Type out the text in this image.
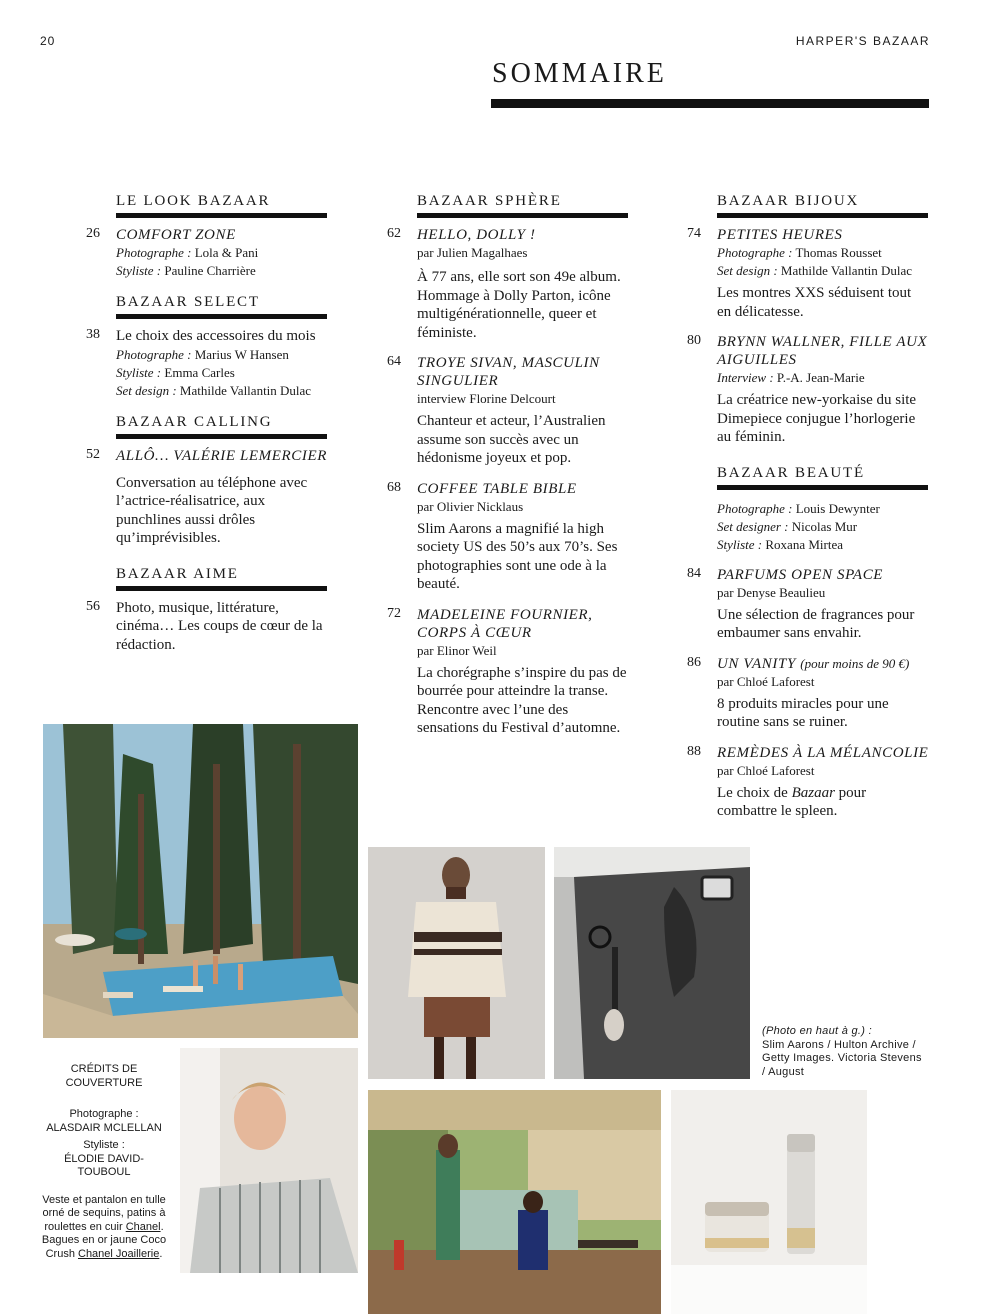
20	HARPER'S BAZAAR
SOMMAIRE
LE LOOK BAZAAR
26 COMFORT ZONE
Photographe : Lola & Pani
Styliste : Pauline Charrière
BAZAAR SELECT
38 Le choix des accessoires du mois
Photographe : Marius W Hansen
Styliste : Emma Carles
Set design : Mathilde Vallantin Dulac
BAZAAR CALLING
52 ALLÔ… VALÉRIE LEMERCIER
Conversation au téléphone avec l’actrice-réalisatrice, aux punchlines aussi drôles qu’imprévisibles.
BAZAAR AIME
56 Photo, musique, littérature, cinéma… Les coups de cœur de la rédaction.
BAZAAR SPHÈRE
62 HELLO, DOLLY !
par Julien Magalhaes
À 77 ans, elle sort son 49e album. Hommage à Dolly Parton, icône multigénérationnelle, queer et féministe.
64 TROYE SIVAN, MASCULIN SINGULIER
interview Florine Delcourt
Chanteur et acteur, l’Australien assume son succès avec un hédonisme joyeux et pop.
68 COFFEE TABLE BIBLE
par Olivier Nicklaus
Slim Aarons a magnifié la high society US des 50’s aux 70’s. Ses photographies sont une ode à la beauté.
72 MADELEINE FOURNIER, CORPS À CŒUR
par Elinor Weil
La chorégraphe s’inspire du pas de bourrée pour atteindre la transe. Rencontre avec l’une des sensations du Festival d’automne.
BAZAAR BIJOUX
74 PETITES HEURES
Photographe : Thomas Rousset
Set design : Mathilde Vallantin Dulac
Les montres XXS séduisent tout en délicatesse.
80 BRYNN WALLNER, FILLE AUX AIGUILLES
Interview : P.-A. Jean-Marie
La créatrice new-yorkaise du site Dimepiece conjugue l’horlogerie au féminin.
BAZAAR BEAUTÉ
Photographe : Louis Dewynter
Set designer : Nicolas Mur
Styliste : Roxana Mirtea
84 PARFUMS OPEN SPACE
par Denyse Beaulieu
Une sélection de fragrances pour embaumer sans envahir.
86 UN VANITY (pour moins de 90 €)
par Chloé Laforest
8 produits miracles pour une routine sans se ruiner.
88 REMÈDES À LA MÉLANCOLIE
par Chloé Laforest
Le choix de Bazaar pour combattre le spleen.
CRÉDITS DE COUVERTURE
Photographe :
ALASDAIR MCLELLAN
Styliste :
ÉLODIE DAVID-TOUBOUL
Veste et pantalon en tulle orné de sequins, patins à roulettes en cuir Chanel. Bagues en or jaune Coco Crush Chanel Joaillerie.
(Photo en haut à g.) :
Slim Aarons / Hulton Archive / Getty Images. Victoria Stevens / August
